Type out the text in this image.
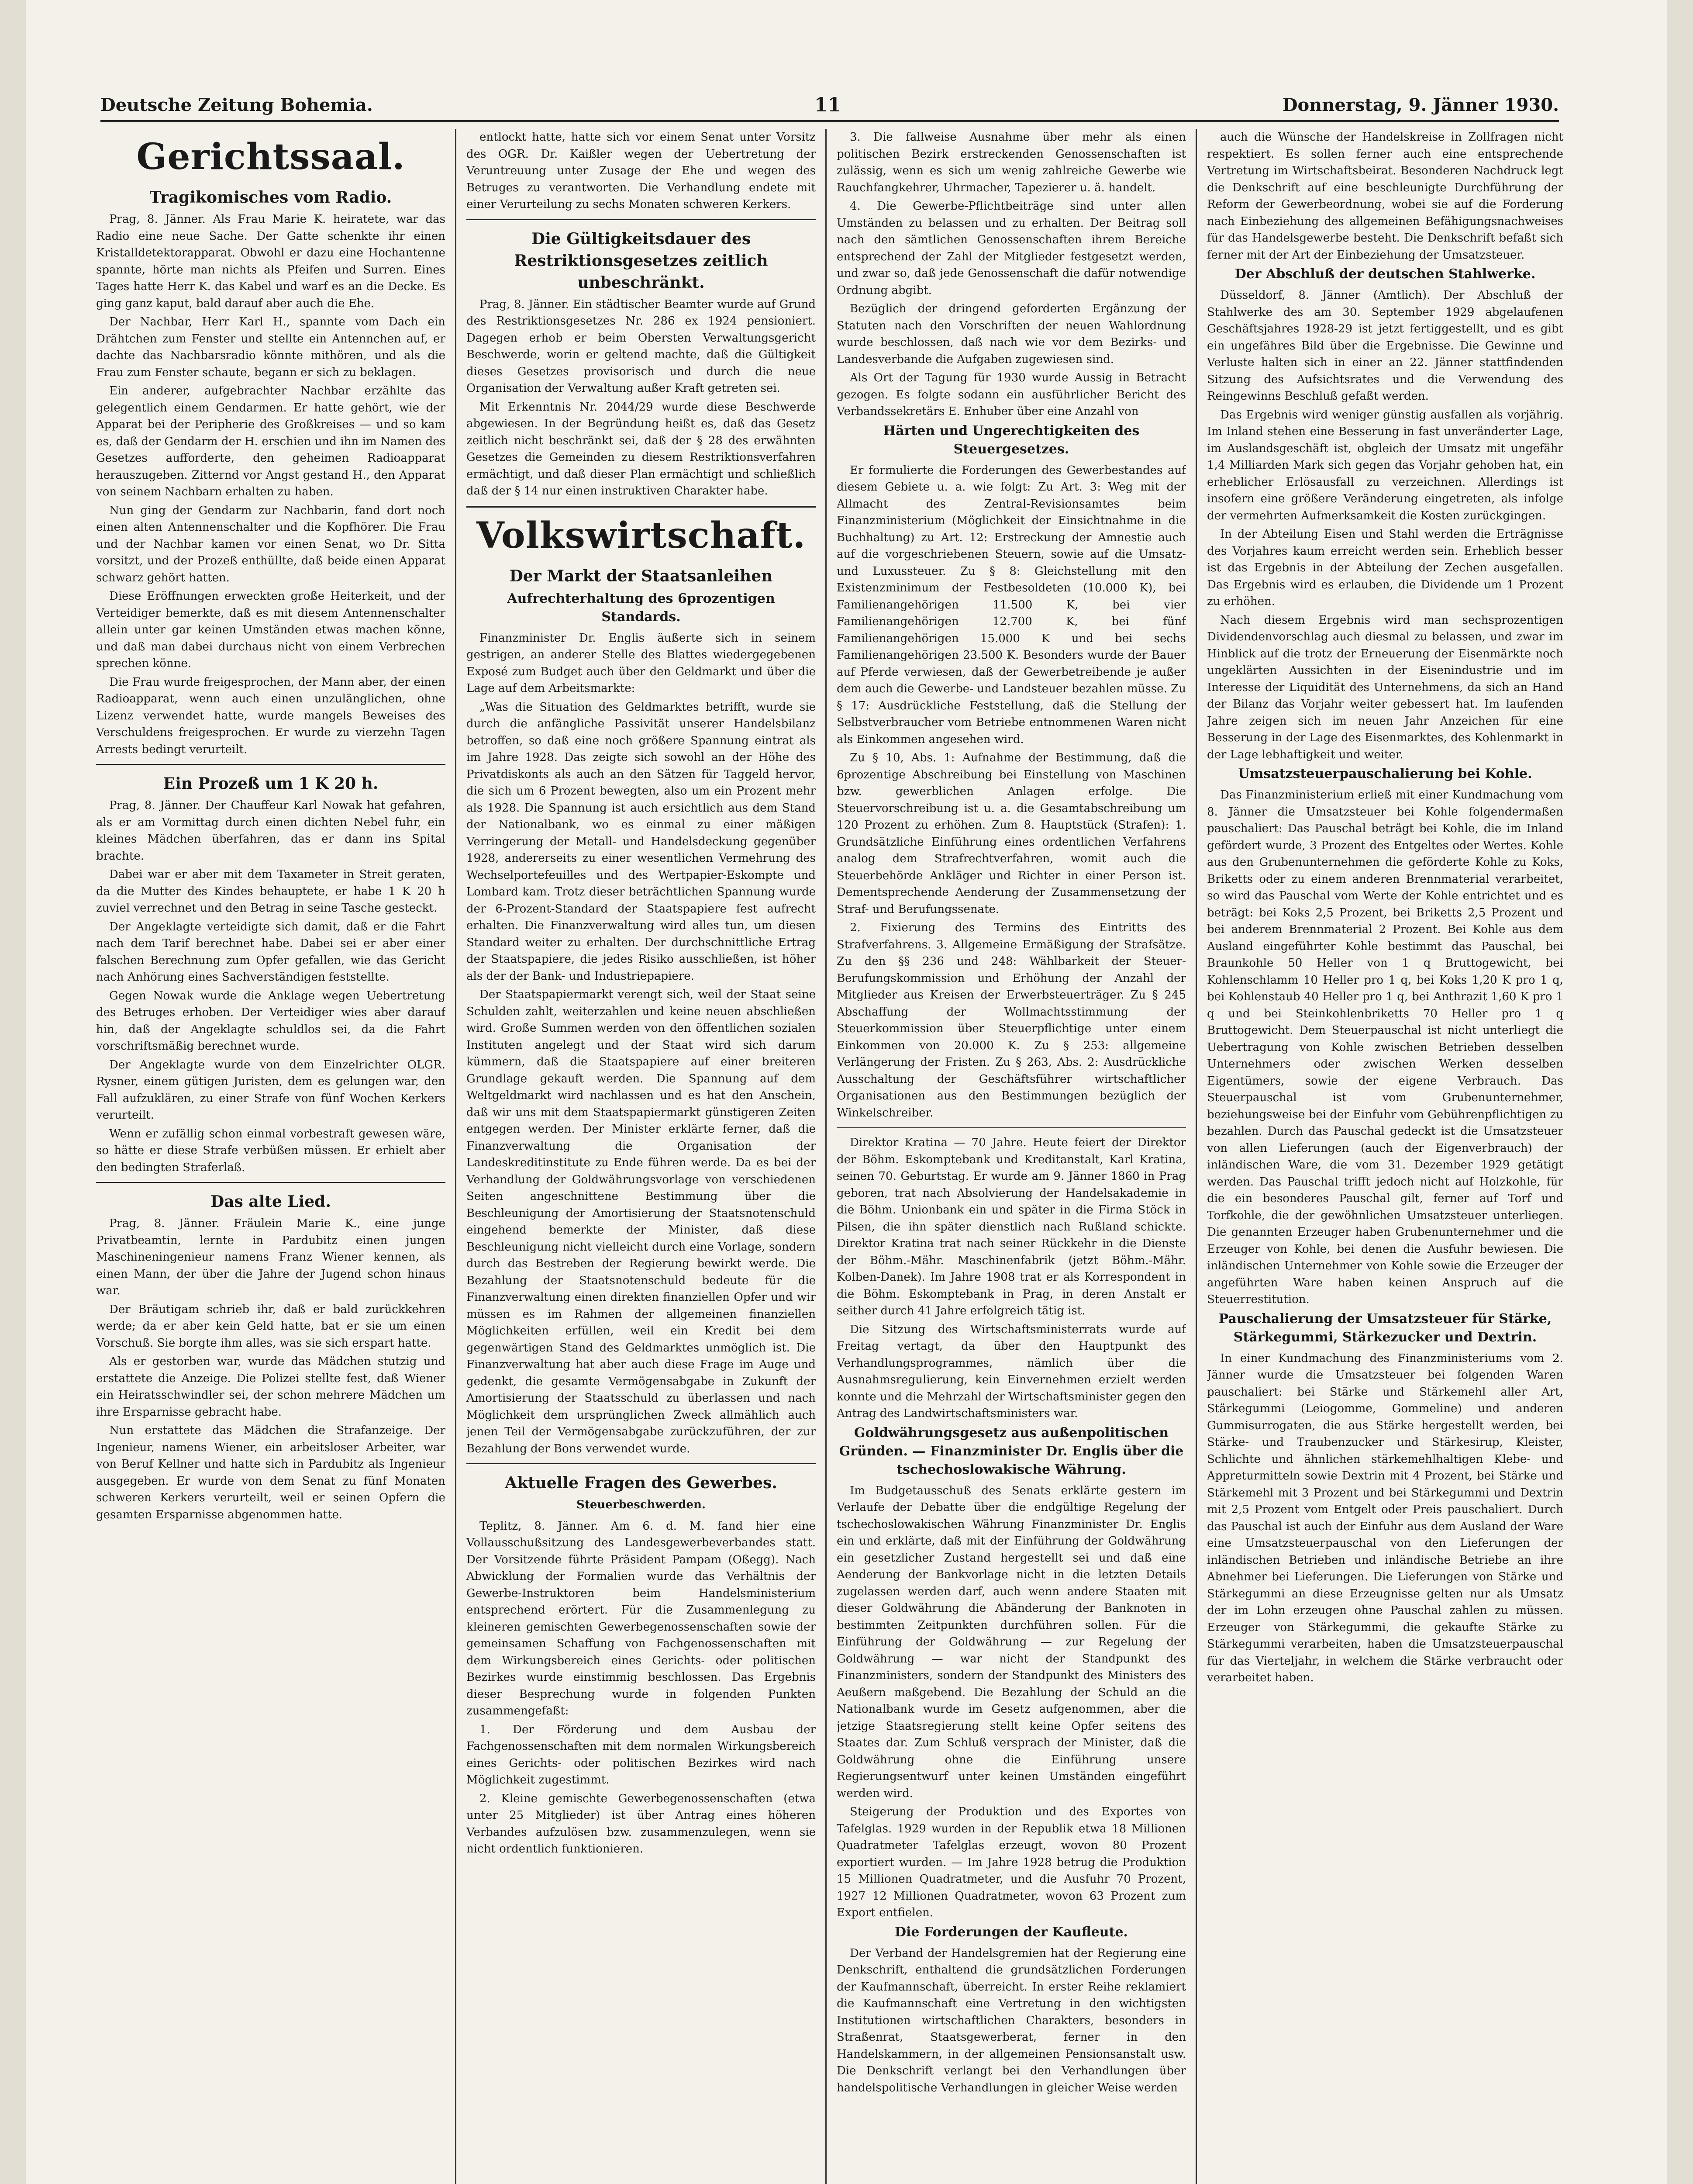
Deutsche Zeitung Bohemia.	11	Donnerstag, 9. Jänner 1930.
Gerichtssaal.
Tragikomisches vom Radio.

Prag, 8. Jänner. Als Frau Marie K. heiratete, war das Radio eine neue Sache. Der Gatte schenkte ihr einen Kristalldetektorapparat. Obwohl er dazu eine Hochantenne spannte, hörte man nichts als Pfeifen und Surren. Eines Tages hatte Herr K. das Kabel und warf es an die Decke. Es ging ganz kaput, bald darauf aber auch die Ehe.

Der Nachbar, Herr Karl H., spannte vom Dach ein Drähtchen zum Fenster und stellte ein Antennchen auf, er dachte das Nachbarsradio könnte mithören, und als die Frau zum Fenster schaute, begann er sich zu beklagen.

Ein anderer, aufgebrachter Nachbar erzählte das gelegentlich einem Gendarmen. Er hatte gehört, wie der Apparat bei der Peripherie des Großkreises — und so kam es, daß der Gendarm der H. erschien und ihn im Namen des Gesetzes aufforderte, den geheimen Radioapparat herauszugeben. Zitternd vor Angst gestand H., den Apparat von seinem Nachbarn erhalten zu haben.

Nun ging der Gendarm zur Nachbarin, fand dort noch einen alten Antennenschalter und die Kopfhörer. Die Frau und der Nachbar kamen vor einen Senat, wo Dr. Sitta vorsitzt, und der Prozeß enthüllte, daß beide einen Apparat schwarz gehört hatten.

Diese Eröffnungen erweckten große Heiterkeit, und der Verteidiger bemerkte, daß es mit diesem Antennenschalter allein unter gar keinen Umständen etwas machen könne, und daß man dabei durchaus nicht von einem Verbrechen sprechen könne.

Die Frau wurde freigesprochen, der Mann aber, der einen Radioapparat, wenn auch einen unzulänglichen, ohne Lizenz verwendet hatte, wurde mangels Beweises des Verschuldens freigesprochen. Er wurde zu vierzehn Tagen Arrests bedingt verurteilt.

Ein Prozeß um 1 K 20 h.

Prag, 8. Jänner. Der Chauffeur Karl Nowak hat gefahren, als er am Vormittag durch einen dichten Nebel fuhr, ein kleines Mädchen überfahren, das er dann ins Spital brachte.

Dabei war er aber mit dem Taxameter in Streit geraten, da die Mutter des Kindes behauptete, er habe 1 K 20 h zuviel verrechnet und den Betrag in seine Tasche gesteckt.

Der Angeklagte verteidigte sich damit, daß er die Fahrt nach dem Tarif berechnet habe. Dabei sei er aber einer falschen Berechnung zum Opfer gefallen, wie das Gericht nach Anhörung eines Sachverständigen feststellte.

Gegen Nowak wurde die Anklage wegen Uebertretung des Betruges erhoben. Der Verteidiger wies aber darauf hin, daß der Angeklagte schuldlos sei, da die Fahrt vorschriftsmäßig berechnet wurde.

Der Angeklagte wurde von dem Einzelrichter OLGR. Rysner, einem gütigen Juristen, dem es gelungen war, den Fall aufzuklären, zu einer Strafe von fünf Wochen Kerkers verurteilt.

Wenn er zufällig schon einmal vorbestraft gewesen wäre, so hätte er diese Strafe verbüßen müssen. Er erhielt aber den bedingten Straferlaß.

Das alte Lied.

Prag, 8. Jänner. Fräulein Marie K., eine junge Privatbeamtin, lernte in Pardubitz einen jungen Maschineningenieur namens Franz Wiener kennen, als einen Mann, der über die Jahre der Jugend schon hinaus war.

Der Bräutigam schrieb ihr, daß er bald zurückkehren werde; da er aber kein Geld hatte, bat er sie um einen Vorschuß. Sie borgte ihm alles, was sie sich erspart hatte.

Als er gestorben war, wurde das Mädchen stutzig und erstattete die Anzeige. Die Polizei stellte fest, daß Wiener ein Heiratsschwindler sei, der schon mehrere Mädchen um ihre Ersparnisse gebracht habe.

Nun erstattete das Mädchen die Strafanzeige. Der Ingenieur, namens Wiener, ein arbeitsloser Arbeiter, war von Beruf Kellner und hatte sich in Pardubitz als Ingenieur ausgegeben. Er wurde von dem Senat zu fünf Monaten schweren Kerkers verurteilt, weil er seinen Opfern die gesamten Ersparnisse abgenommen hatte.

entlockt hatte, hatte sich vor einem Senat unter Vorsitz des OGR. Dr. Kaißler wegen der Uebertretung der Veruntreuung unter Zusage der Ehe und wegen des Betruges zu verantworten. Die Verhandlung endete mit einer Verurteilung zu sechs Monaten schweren Kerkers.

Die Gültigkeitsdauer des Restriktionsgesetzes zeitlich unbeschränkt.

Prag, 8. Jänner. Ein städtischer Beamter wurde auf Grund des Restriktionsgesetzes Nr. 286 ex 1924 pensioniert. Dagegen erhob er beim Obersten Verwaltungsgericht Beschwerde, worin er geltend machte, daß die Gültigkeit dieses Gesetzes provisorisch und durch die neue Organisation der Verwaltung außer Kraft getreten sei.

Mit Erkenntnis Nr. 2044/29 wurde diese Beschwerde abgewiesen. In der Begründung heißt es, daß das Gesetz zeitlich nicht beschränkt sei, daß der § 28 des erwähnten Gesetzes die Gemeinden zu diesem Restriktionsverfahren ermächtigt, und daß dieser Plan ermächtigt und schließlich daß der § 14 nur einen instruktiven Charakter habe.

Volkswirtschaft.
Der Markt der Staatsanleihen
Aufrechterhaltung des 6prozentigen Standards.

Finanzminister Dr. Englis äußerte sich in seinem gestrigen, an anderer Stelle des Blattes wiedergegebenen Exposé zum Budget auch über den Geldmarkt und über die Lage auf dem Arbeitsmarkte:

„Was die Situation des Geldmarktes betrifft, wurde sie durch die anfängliche Passivität unserer Handelsbilanz betroffen, so daß eine noch größere Spannung eintrat als im Jahre 1928. Das zeigte sich sowohl an der Höhe des Privatdiskonts als auch an den Sätzen für Taggeld hervor, die sich um 6 Prozent bewegten, also um ein Prozent mehr als 1928. Die Spannung ist auch ersichtlich aus dem Stand der Nationalbank, wo es einmal zu einer mäßigen Verringerung der Metall- und Handelsdeckung gegenüber 1928, andererseits zu einer wesentlichen Vermehrung des Wechselportefeuilles und des Wertpapier-Eskompte und Lombard kam. Trotz dieser beträchtlichen Spannung wurde der 6-Prozent-Standard der Staatspapiere fest aufrecht erhalten. Die Finanzverwaltung wird alles tun, um diesen Standard weiter zu erhalten. Der durchschnittliche Ertrag der Staatspapiere, die jedes Risiko ausschließen, ist höher als der der Bank- und Industriepapiere.

Der Staatspapiermarkt verengt sich, weil der Staat seine Schulden zahlt, weiterzahlen und keine neuen abschließen wird. Große Summen werden von den öffentlichen sozialen Instituten angelegt und der Staat wird sich darum kümmern, daß die Staatspapiere auf einer breiteren Grundlage gekauft werden. Die Spannung auf dem Weltgeldmarkt wird nachlassen und es hat den Anschein, daß wir uns mit dem Staatspapiermarkt günstigeren Zeiten entgegen werden. Der Minister erklärte ferner, daß die Finanzverwaltung die Organisation der Landeskreditinstitute zu Ende führen werde. Da es bei der Verhandlung der Goldwährungsvorlage von verschiedenen Seiten angeschnittene Bestimmung über die Beschleunigung der Amortisierung der Staatsnotenschuld eingehend bemerkte der Minister, daß diese Beschleunigung nicht vielleicht durch eine Vorlage, sondern durch das Bestreben der Regierung bewirkt werde. Die Bezahlung der Staatsnotenschuld bedeute für die Finanzverwaltung einen direkten finanziellen Opfer und wir müssen es im Rahmen der allgemeinen finanziellen Möglichkeiten erfüllen, weil ein Kredit bei dem gegenwärtigen Stand des Geldmarktes unmöglich ist. Die Finanzverwaltung hat aber auch diese Frage im Auge und gedenkt, die gesamte Vermögensabgabe in Zukunft der Amortisierung der Staatsschuld zu überlassen und nach Möglichkeit dem ursprünglichen Zweck allmählich auch jenen Teil der Vermögensabgabe zurückzuführen, der zur Bezahlung der Bons verwendet wurde.

Aktuelle Fragen des Gewerbes.
Steuerbeschwerden.

Teplitz, 8. Jänner. Am 6. d. M. fand hier eine Vollausschußsitzung des Landesgewerbeverbandes statt. Der Vorsitzende führte Präsident Pampam (Oßegg). Nach Abwicklung der Formalien wurde das Verhältnis der Gewerbe-Instruktoren beim Handelsministerium entsprechend erörtert. Für die Zusammenlegung zu kleineren gemischten Gewerbegenossenschaften sowie der gemeinsamen Schaffung von Fachgenossenschaften mit dem Wirkungsbereich eines Gerichts- oder politischen Bezirkes wurde einstimmig beschlossen. Das Ergebnis dieser Besprechung wurde in folgenden Punkten zusammengefaßt:

1. Der Förderung und dem Ausbau der Fachgenossenschaften mit dem normalen Wirkungsbereich eines Gerichts- oder politischen Bezirkes wird nach Möglichkeit zugestimmt.

2. Kleine gemischte Gewerbegenossenschaften (etwa unter 25 Mitglieder) ist über Antrag eines höheren Verbandes aufzulösen bzw. zusammenzulegen, wenn sie nicht ordentlich funktionieren.

3. Die fallweise Ausnahme über mehr als einen politischen Bezirk erstreckenden Genossenschaften ist zulässig, wenn es sich um wenig zahlreiche Gewerbe wie Rauchfangkehrer, Uhrmacher, Tapezierer u. ä. handelt.

4. Die Gewerbe-Pflichtbeiträge sind unter allen Umständen zu belassen und zu erhalten. Der Beitrag soll nach den sämtlichen Genossenschaften ihrem Bereiche entsprechend der Zahl der Mitglieder festgesetzt werden, und zwar so, daß jede Genossenschaft die dafür notwendige Ordnung abgibt.

Bezüglich der dringend geforderten Ergänzung der Statuten nach den Vorschriften der neuen Wahlordnung wurde beschlossen, daß nach wie vor dem Bezirks- und Landesverbande die Aufgaben zugewiesen sind.

Als Ort der Tagung für 1930 wurde Aussig in Betracht gezogen. Es folgte sodann ein ausführlicher Bericht des Verbandssekretärs E. Enhuber über eine Anzahl von

Härten und Ungerechtigkeiten des Steuergesetzes.

Er formulierte die Forderungen des Gewerbestandes auf diesem Gebiete u. a. wie folgt: Zu Art. 3: Weg mit der Allmacht des Zentral-Revisionsamtes beim Finanzministerium (Möglichkeit der Einsichtnahme in die Buchhaltung) zu Art. 12: Erstreckung der Amnestie auch auf die vorgeschriebenen Steuern, sowie auf die Umsatz- und Luxussteuer. Zu § 8: Gleichstellung mit den Existenzminimum der Festbesoldeten (10.000 K), bei Familienangehörigen 11.500 K, bei vier Familienangehörigen 12.700 K, bei fünf Familienangehörigen 15.000 K und bei sechs Familienangehörigen 23.500 K. Besonders wurde der Bauer auf Pferde verwiesen, daß der Gewerbetreibende je außer dem auch die Gewerbe- und Landsteuer bezahlen müsse. Zu § 17: Ausdrückliche Feststellung, daß die Stellung der Selbstverbraucher vom Betriebe entnommenen Waren nicht als Einkommen angesehen wird.

Zu § 10, Abs. 1: Aufnahme der Bestimmung, daß die 6prozentige Abschreibung bei Einstellung von Maschinen bzw. gewerblichen Anlagen erfolge. Die Steuervorschreibung ist u. a. die Gesamtabschreibung um 120 Prozent zu erhöhen. Zum 8. Hauptstück (Strafen): 1. Grundsätzliche Einführung eines ordentlichen Verfahrens analog dem Strafrechtverfahren, womit auch die Steuerbehörde Ankläger und Richter in einer Person ist. Dementsprechende Aenderung der Zusammensetzung der Straf- und Berufungssenate.

2. Fixierung des Termins des Eintritts des Strafverfahrens. 3. Allgemeine Ermäßigung der Strafsätze. Zu den §§ 236 und 248: Wählbarkeit der Steuer-Berufungskommission und Erhöhung der Anzahl der Mitglieder aus Kreisen der Erwerbsteuerträger. Zu § 245 Abschaffung der Wollmachtsstimmung der Steuerkommission über Steuerpflichtige unter einem Einkommen von 20.000 K. Zu § 253: allgemeine Verlängerung der Fristen. Zu § 263, Abs. 2: Ausdrückliche Ausschaltung der Geschäftsführer wirtschaftlicher Organisationen aus den Bestimmungen bezüglich der Winkelschreiber.

Direktor Kratina — 70 Jahre. Heute feiert der Direktor der Böhm. Eskomptebank und Kreditanstalt, Karl Kratina, seinen 70. Geburtstag. Er wurde am 9. Jänner 1860 in Prag geboren, trat nach Absolvierung der Handelsakademie in die Böhm. Unionbank ein und später in die Firma Stöck in Pilsen, die ihn später dienstlich nach Rußland schickte. Direktor Kratina trat nach seiner Rückkehr in die Dienste der Böhm.-Mähr. Maschinenfabrik (jetzt Böhm.-Mähr. Kolben-Danek). Im Jahre 1908 trat er als Korrespondent in die Böhm. Eskomptebank in Prag, in deren Anstalt er seither durch 41 Jahre erfolgreich tätig ist.

Die Sitzung des Wirtschaftsministerrats wurde auf Freitag vertagt, da über den Hauptpunkt des Verhandlungsprogrammes, nämlich über die Ausnahmsregulierung, kein Einvernehmen erzielt werden konnte und die Mehrzahl der Wirtschaftsminister gegen den Antrag des Landwirtschaftsministers war.

Goldwährungsgesetz aus außenpolitischen Gründen. — Finanzminister Dr. Englis über die tschechoslowakische Währung.

Im Budgetausschuß des Senats erklärte gestern im Verlaufe der Debatte über die endgültige Regelung der tschechoslowakischen Währung Finanzminister Dr. Englis ein und erklärte, daß mit der Einführung der Goldwährung ein gesetzlicher Zustand hergestellt sei und daß eine Aenderung der Bankvorlage nicht in die letzten Details zugelassen werden darf, auch wenn andere Staaten mit dieser Goldwährung die Abänderung der Banknoten in bestimmten Zeitpunkten durchführen sollen. Für die Einführung der Goldwährung — zur Regelung der Goldwährung — war nicht der Standpunkt des Finanzministers, sondern der Standpunkt des Ministers des Aeußern maßgebend. Die Bezahlung der Schuld an die Nationalbank wurde im Gesetz aufgenommen, aber die jetzige Staatsregierung stellt keine Opfer seitens des Staates dar. Zum Schluß versprach der Minister, daß die Goldwährung ohne die Einführung unsere Regierungsentwurf unter keinen Umständen eingeführt werden wird.

Steigerung der Produktion und des Exportes von Tafelglas. 1929 wurden in der Republik etwa 18 Millionen Quadratmeter Tafelglas erzeugt, wovon 80 Prozent exportiert wurden. — Im Jahre 1928 betrug die Produktion 15 Millionen Quadratmeter, und die Ausfuhr 70 Prozent, 1927 12 Millionen Quadratmeter, wovon 63 Prozent zum Export entfielen.

Die Forderungen der Kaufleute.

Der Verband der Handelsgremien hat der Regierung eine Denkschrift, enthaltend die grundsätzlichen Forderungen der Kaufmannschaft, überreicht. In erster Reihe reklamiert die Kaufmannschaft eine Vertretung in den wichtigsten Institutionen wirtschaftlichen Charakters, besonders in Straßenrat, Staatsgewerberat, ferner in den Handelskammern, in der allgemeinen Pensionsanstalt usw. Die Denkschrift verlangt bei den Verhandlungen über handelspolitische Verhandlungen in gleicher Weise werden

auch die Wünsche der Handelskreise in Zollfragen nicht respektiert. Es sollen ferner auch eine entsprechende Vertretung im Wirtschaftsbeirat. Besonderen Nachdruck legt die Denkschrift auf eine beschleunigte Durchführung der Reform der Gewerbeordnung, wobei sie auf die Forderung nach Einbeziehung des allgemeinen Befähigungsnachweises für das Handelsgewerbe besteht. Die Denkschrift befaßt sich ferner mit der Art der Einbeziehung der Umsatzsteuer.

Der Abschluß der deutschen Stahlwerke.

Düsseldorf, 8. Jänner (Amtlich). Der Abschluß der Stahlwerke des am 30. September 1929 abgelaufenen Geschäftsjahres 1928-29 ist jetzt fertiggestellt, und es gibt ein ungefähres Bild über die Ergebnisse. Die Gewinne und Verluste halten sich in einer an 22. Jänner stattfindenden Sitzung des Aufsichtsrates und die Verwendung des Reingewinns Beschluß gefaßt werden.

Das Ergebnis wird weniger günstig ausfallen als vorjährig. Im Inland stehen eine Besserung in fast unveränderter Lage, im Auslandsgeschäft ist, obgleich der Umsatz mit ungefähr 1,4 Milliarden Mark sich gegen das Vorjahr gehoben hat, ein erheblicher Erlösausfall zu verzeichnen. Allerdings ist insofern eine größere Veränderung eingetreten, als infolge der vermehrten Aufmerksamkeit die Kosten zurückgingen.

In der Abteilung Eisen und Stahl werden die Erträgnisse des Vorjahres kaum erreicht werden sein. Erheblich besser ist das Ergebnis in der Abteilung der Zechen ausgefallen. Das Ergebnis wird es erlauben, die Dividende um 1 Prozent zu erhöhen.

Nach diesem Ergebnis wird man sechsprozentigen Dividendenvorschlag auch diesmal zu belassen, und zwar im Hinblick auf die trotz der Erneuerung der Eisenmärkte noch ungeklärten Aussichten in der Eisenindustrie und im Interesse der Liquidität des Unternehmens, da sich an Hand der Bilanz das Vorjahr weiter gebessert hat. Im laufenden Jahre zeigen sich im neuen Jahr Anzeichen für eine Besserung in der Lage des Eisenmarktes, des Kohlenmarkt in der Lage lebhaftigkeit und weiter.

Umsatzsteuerpauschalierung bei Kohle.

Das Finanzministerium erließ mit einer Kundmachung vom 8. Jänner die Umsatzsteuer bei Kohle folgendermaßen pauschaliert: Das Pauschal beträgt bei Kohle, die im Inland gefördert wurde, 3 Prozent des Entgeltes oder Wertes. Kohle aus den Grubenunternehmen die geförderte Kohle zu Koks, Briketts oder zu einem anderen Brennmaterial verarbeitet, so wird das Pauschal vom Werte der Kohle entrichtet und es beträgt: bei Koks 2,5 Prozent, bei Briketts 2,5 Prozent und bei anderem Brennmaterial 2 Prozent. Bei Kohle aus dem Ausland eingeführter Kohle bestimmt das Pauschal, bei Braunkohle 50 Heller von 1 q Bruttogewicht, bei Kohlenschlamm 10 Heller pro 1 q, bei Koks 1,20 K pro 1 q, bei Kohlenstaub 40 Heller pro 1 q, bei Anthrazit 1,60 K pro 1 q und bei Steinkohlenbriketts 70 Heller pro 1 q Bruttogewicht. Dem Steuerpauschal ist nicht unterliegt die Uebertragung von Kohle zwischen Betrieben desselben Unternehmers oder zwischen Werken desselben Eigentümers, sowie der eigene Verbrauch. Das Steuerpauschal ist vom Grubenunternehmer, beziehungsweise bei der Einfuhr vom Gebührenpflichtigen zu bezahlen. Durch das Pauschal gedeckt ist die Umsatzsteuer von allen Lieferungen (auch der Eigenverbrauch) der inländischen Ware, die vom 31. Dezember 1929 getätigt werden. Das Pauschal trifft jedoch nicht auf Holzkohle, für die ein besonderes Pauschal gilt, ferner auf Torf und Torfkohle, die der gewöhnlichen Umsatzsteuer unterliegen. Die genannten Erzeuger haben Grubenunternehmer und die Erzeuger von Kohle, bei denen die Ausfuhr bewiesen. Die inländischen Unternehmer von Kohle sowie die Erzeuger der angeführten Ware haben keinen Anspruch auf die Steuerrestitution.

Pauschalierung der Umsatzsteuer für Stärke, Stärkegummi, Stärkezucker und Dextrin.

In einer Kundmachung des Finanzministeriums vom 2. Jänner wurde die Umsatzsteuer bei folgenden Waren pauschaliert: bei Stärke und Stärkemehl aller Art, Stärkegummi (Leiogomme, Gommeline) und anderen Gummisurrogaten, die aus Stärke hergestellt werden, bei Stärke- und Traubenzucker und Stärkesirup, Kleister, Schlichte und ähnlichen stärkemehlhaltigen Klebe- und Appreturmitteln sowie Dextrin mit 4 Prozent, bei Stärke und Stärkemehl mit 3 Prozent und bei Stärkegummi und Dextrin mit 2,5 Prozent vom Entgelt oder Preis pauschaliert. Durch das Pauschal ist auch der Einfuhr aus dem Ausland der Ware eine Umsatzsteuerpauschal von den Lieferungen der inländischen Betrieben und inländische Betriebe an ihre Abnehmer bei Lieferungen. Die Lieferungen von Stärke und Stärkegummi an diese Erzeugnisse gelten nur als Umsatz der im Lohn erzeugen ohne Pauschal zahlen zu müssen. Erzeuger von Stärkegummi, die gekaufte Stärke zu Stärkegummi verarbeiten, haben die Umsatzsteuerpauschal für das Vierteljahr, in welchem die Stärke verbraucht oder verarbeitet haben.
